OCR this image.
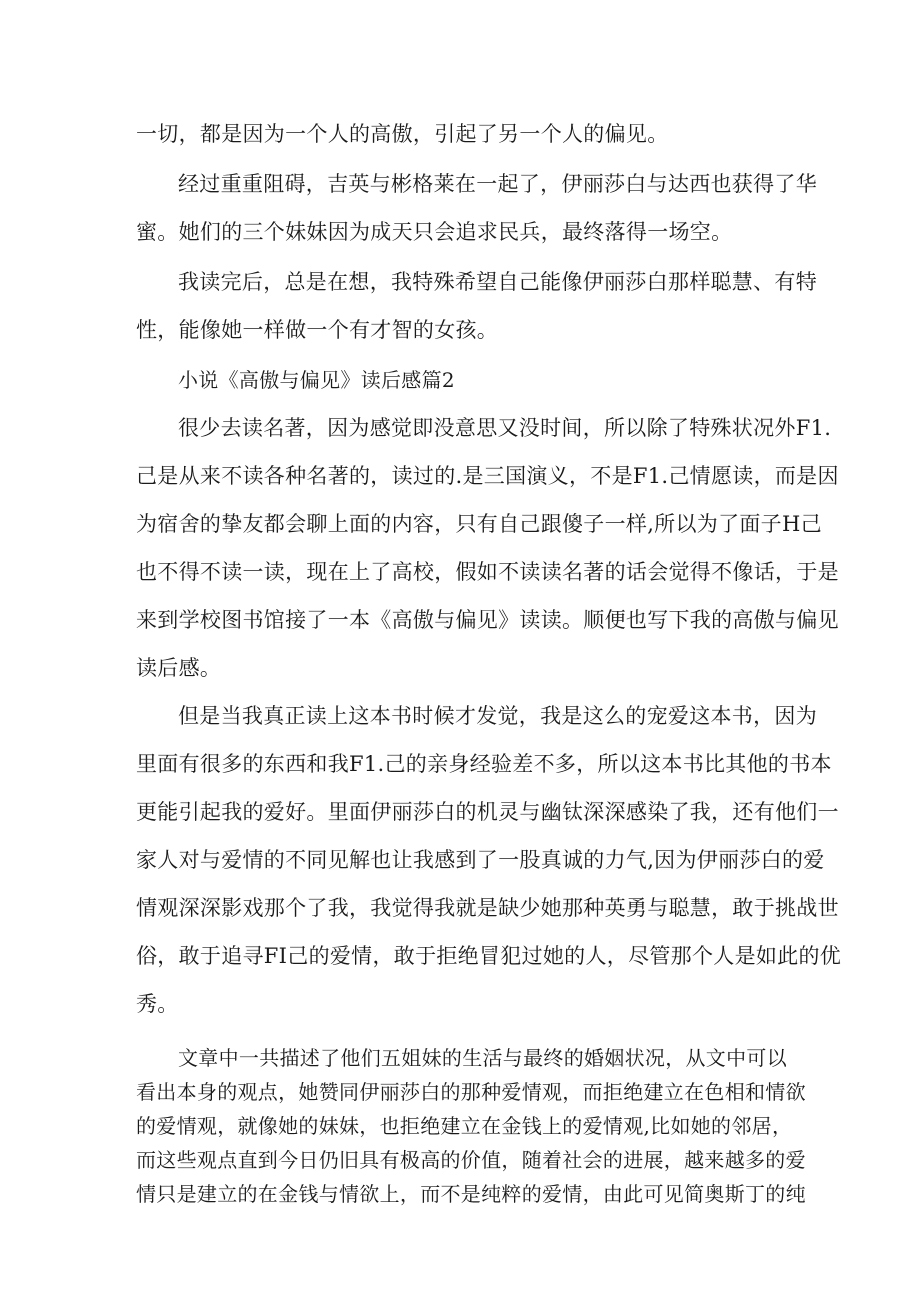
一切，都是因为一个人的高傲，引起了另一个人的偏见。
经过重重阻碍，吉英与彬格莱在一起了，伊丽莎白与达西也获得了华
蜜。她们的三个妹妹因为成天只会追求民兵，最终落得一场空。
我读完后，总是在想，我特殊希望自己能像伊丽莎白那样聪慧、有特
性，能像她一样做一个有才智的女孩。
小说《高傲与偏见》读后感篇2
很少去读名著，因为感觉即没意思又没时间，所以除了特殊状况外F1.
己是从来不读各种名著的，读过的.是三国演义，不是F1.己情愿读，而是因
为宿舍的挚友都会聊上面的内容，只有自己跟傻子一样,所以为了面子H己
也不得不读一读，现在上了高校，假如不读读名著的话会觉得不像话，于是
来到学校图书馆接了一本《高傲与偏见》读读。顺便也写下我的高傲与偏见
读后感。
但是当我真正读上这本书时候才发觉，我是这么的宠爱这本书，因为
里面有很多的东西和我F1.己的亲身经验差不多，所以这本书比其他的书本
更能引起我的爱好。里面伊丽莎白的机灵与幽钛深深感染了我，还有他们一
家人对与爱情的不同见解也让我感到了一股真诚的力气,因为伊丽莎白的爱
情观深深影戏那个了我，我觉得我就是缺少她那种英勇与聪慧，敢于挑战世
俗，敢于追寻FI己的爱情，敢于拒绝冒犯过她的人，尽管那个人是如此的优
秀。
文章中一共描述了他们五姐妹的生活与最终的婚姻状况，从文中可以
看出本身的观点，她赞同伊丽莎白的那种爱情观，而拒绝建立在色相和情欲
的爱情观，就像她的妹妹，也拒绝建立在金钱上的爱情观,比如她的邻居，
而这些观点直到今日仍旧具有极高的价值，随着社会的进展，越来越多的爱
情只是建立的在金钱与情欲上，而不是纯粹的爱情，由此可见简奥斯丁的纯
